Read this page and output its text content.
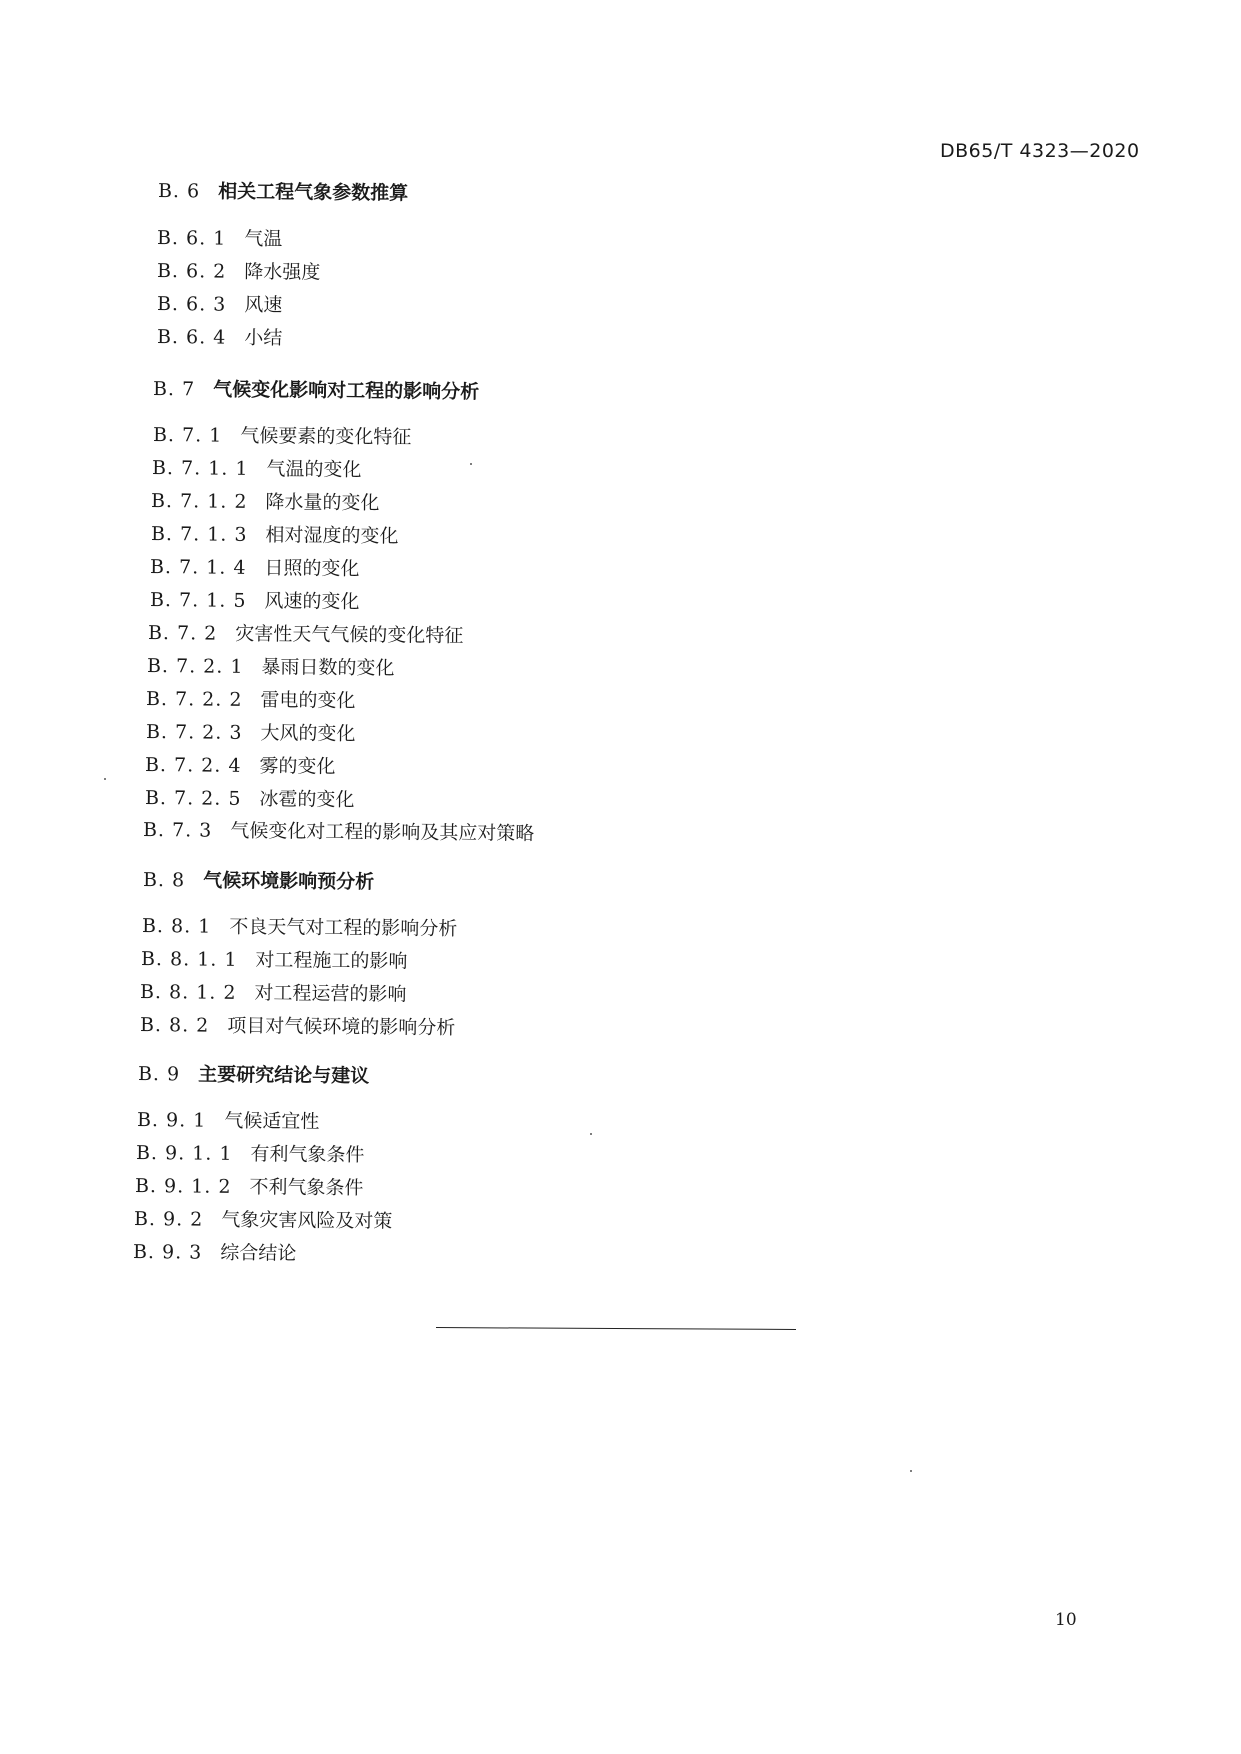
DB65/T 4323—2020
B. 6 相关工程气象参数推算
B. 6. 1 气温
B. 6. 2 降水强度
B. 6. 3 风速
B. 6. 4 小结
B. 7 气候变化影响对工程的影响分析
B. 7. 1 气候要素的变化特征
B. 7. 1. 1 气温的变化
B. 7. 1. 2 降水量的变化
B. 7. 1. 3 相对湿度的变化
B. 7. 1. 4 日照的变化
B. 7. 1. 5 风速的变化
B. 7. 2 灾害性天气气候的变化特征
B. 7. 2. 1 暴雨日数的变化
B. 7. 2. 2 雷电的变化
B. 7. 2. 3 大风的变化
B. 7. 2. 4 雾的变化
B. 7. 2. 5 冰雹的变化
B. 7. 3 气候变化对工程的影响及其应对策略
B. 8 气候环境影响预分析
B. 8. 1 不良天气对工程的影响分析
B. 8. 1. 1 对工程施工的影响
B. 8. 1. 2 对工程运营的影响
B. 8. 2 项目对气候环境的影响分析
B. 9 主要研究结论与建议
B. 9. 1 气候适宜性
B. 9. 1. 1 有利气象条件
B. 9. 1. 2 不利气象条件
B. 9. 2 气象灾害风险及对策
B. 9. 3 综合结论
10
